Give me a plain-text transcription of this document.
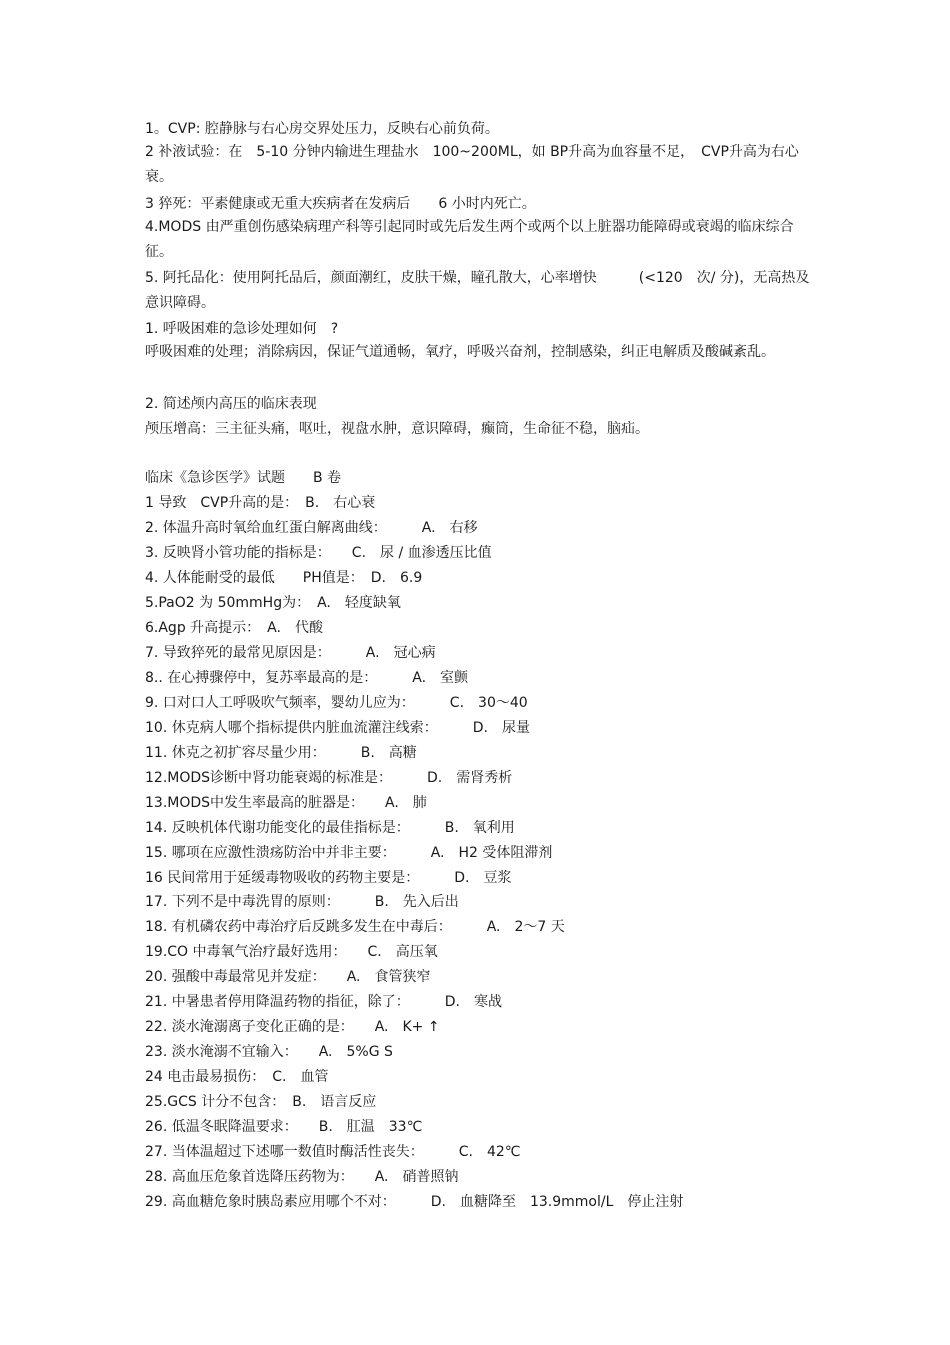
1。CVP: 腔静脉与右心房交界处压力，反映右心前负荷。
2 补液试验：在　5-10 分钟内输进生理盐水　100~200ML，如 BP升高为血容量不足，　CVP升高为右心衰。
3 猝死：平素健康或无重大疾病者在发病后　　6 小时内死亡。
4.MODS 由严重创伤感染病理产科等引起同时或先后发生两个或两个以上脏器功能障碍或衰竭的临床综合征。
5. 阿托品化：使用阿托品后，颜面潮红，皮肤干燥，瞳孔散大，心率增快　　　(<120　次/ 分)，无高热及意识障碍。
1. 呼吸困难的急诊处理如何　?
呼吸困难的处理；消除病因，保证气道通畅，氧疗，呼吸兴奋剂，控制感染，纠正电解质及酸碱紊乱。
2. 简述颅内高压的临床表现
颅压增高：三主征头痛，呕吐，视盘水肿，意识障碍，癫筒，生命征不稳，脑疝。
临床《急诊医学》试题　　B 卷
1 导致　CVP升高的是：　B.　右心衰
2. 体温升高时氧给血红蛋白解离曲线：　　　A.　右移
3. 反映肾小管功能的指标是：　　C.　尿 / 血渗透压比值
4. 人体能耐受的最低　　PH值是：　D.　6.9
5.PaO2 为 50mmHg为：　A.　轻度缺氧
6.Agp 升高提示：　A.　代酸
7. 导致猝死的最常见原因是：　　　A.　冠心病
8.. 在心搏骤停中，复苏率最高的是：　　　A.　室颤
9. 口对口人工呼吸吹气频率，婴幼儿应为：　　　C.　30～40
10. 休克病人哪个指标提供内脏血流灌注线索：　　　D.　尿量
11. 休克之初扩容尽量少用：　　　B.　高糖
12.MODS诊断中肾功能衰竭的标准是：　　　D.　需肾秀析
13.MODS中发生率最高的脏器是：　　A.　肺
14. 反映机体代谢功能变化的最佳指标是：　　　B.　氧利用
15. 哪项在应激性溃疡防治中并非主要：　　　A.　H2 受体阻滞剂
16 民间常用于延缓毒物吸收的药物主要是：　　　D.　豆浆
17. 下列不是中毒洗胃的原则：　　　B.　先入后出
18. 有机磷农药中毒治疗后反跳多发生在中毒后：　　　A.　2～7 天
19.CO 中毒氧气治疗最好选用：　　C.　高压氧
20. 强酸中毒最常见并发症：　　A.　食管狭窄
21. 中暑患者停用降温药物的指征，除了：　　　D.　寒战
22. 淡水淹溺离子变化正确的是：　　A.　K+ ↑
23. 淡水淹溺不宜输入：　　A.　5%G S
24 电击最易损伤：　C.　血管
25.GCS 计分不包含：　B.　语言反应
26. 低温冬眠降温要求：　　B.　肛温　33℃
27. 当体温超过下述哪一数值时酶活性丧失：　　　C.　42℃
28. 高血压危象首选降压药物为：　　A.　硝普照钠
29. 高血糖危象时胰岛素应用哪个不对：　　　D.　血糖降至　13.9mmol/L　停止注射
